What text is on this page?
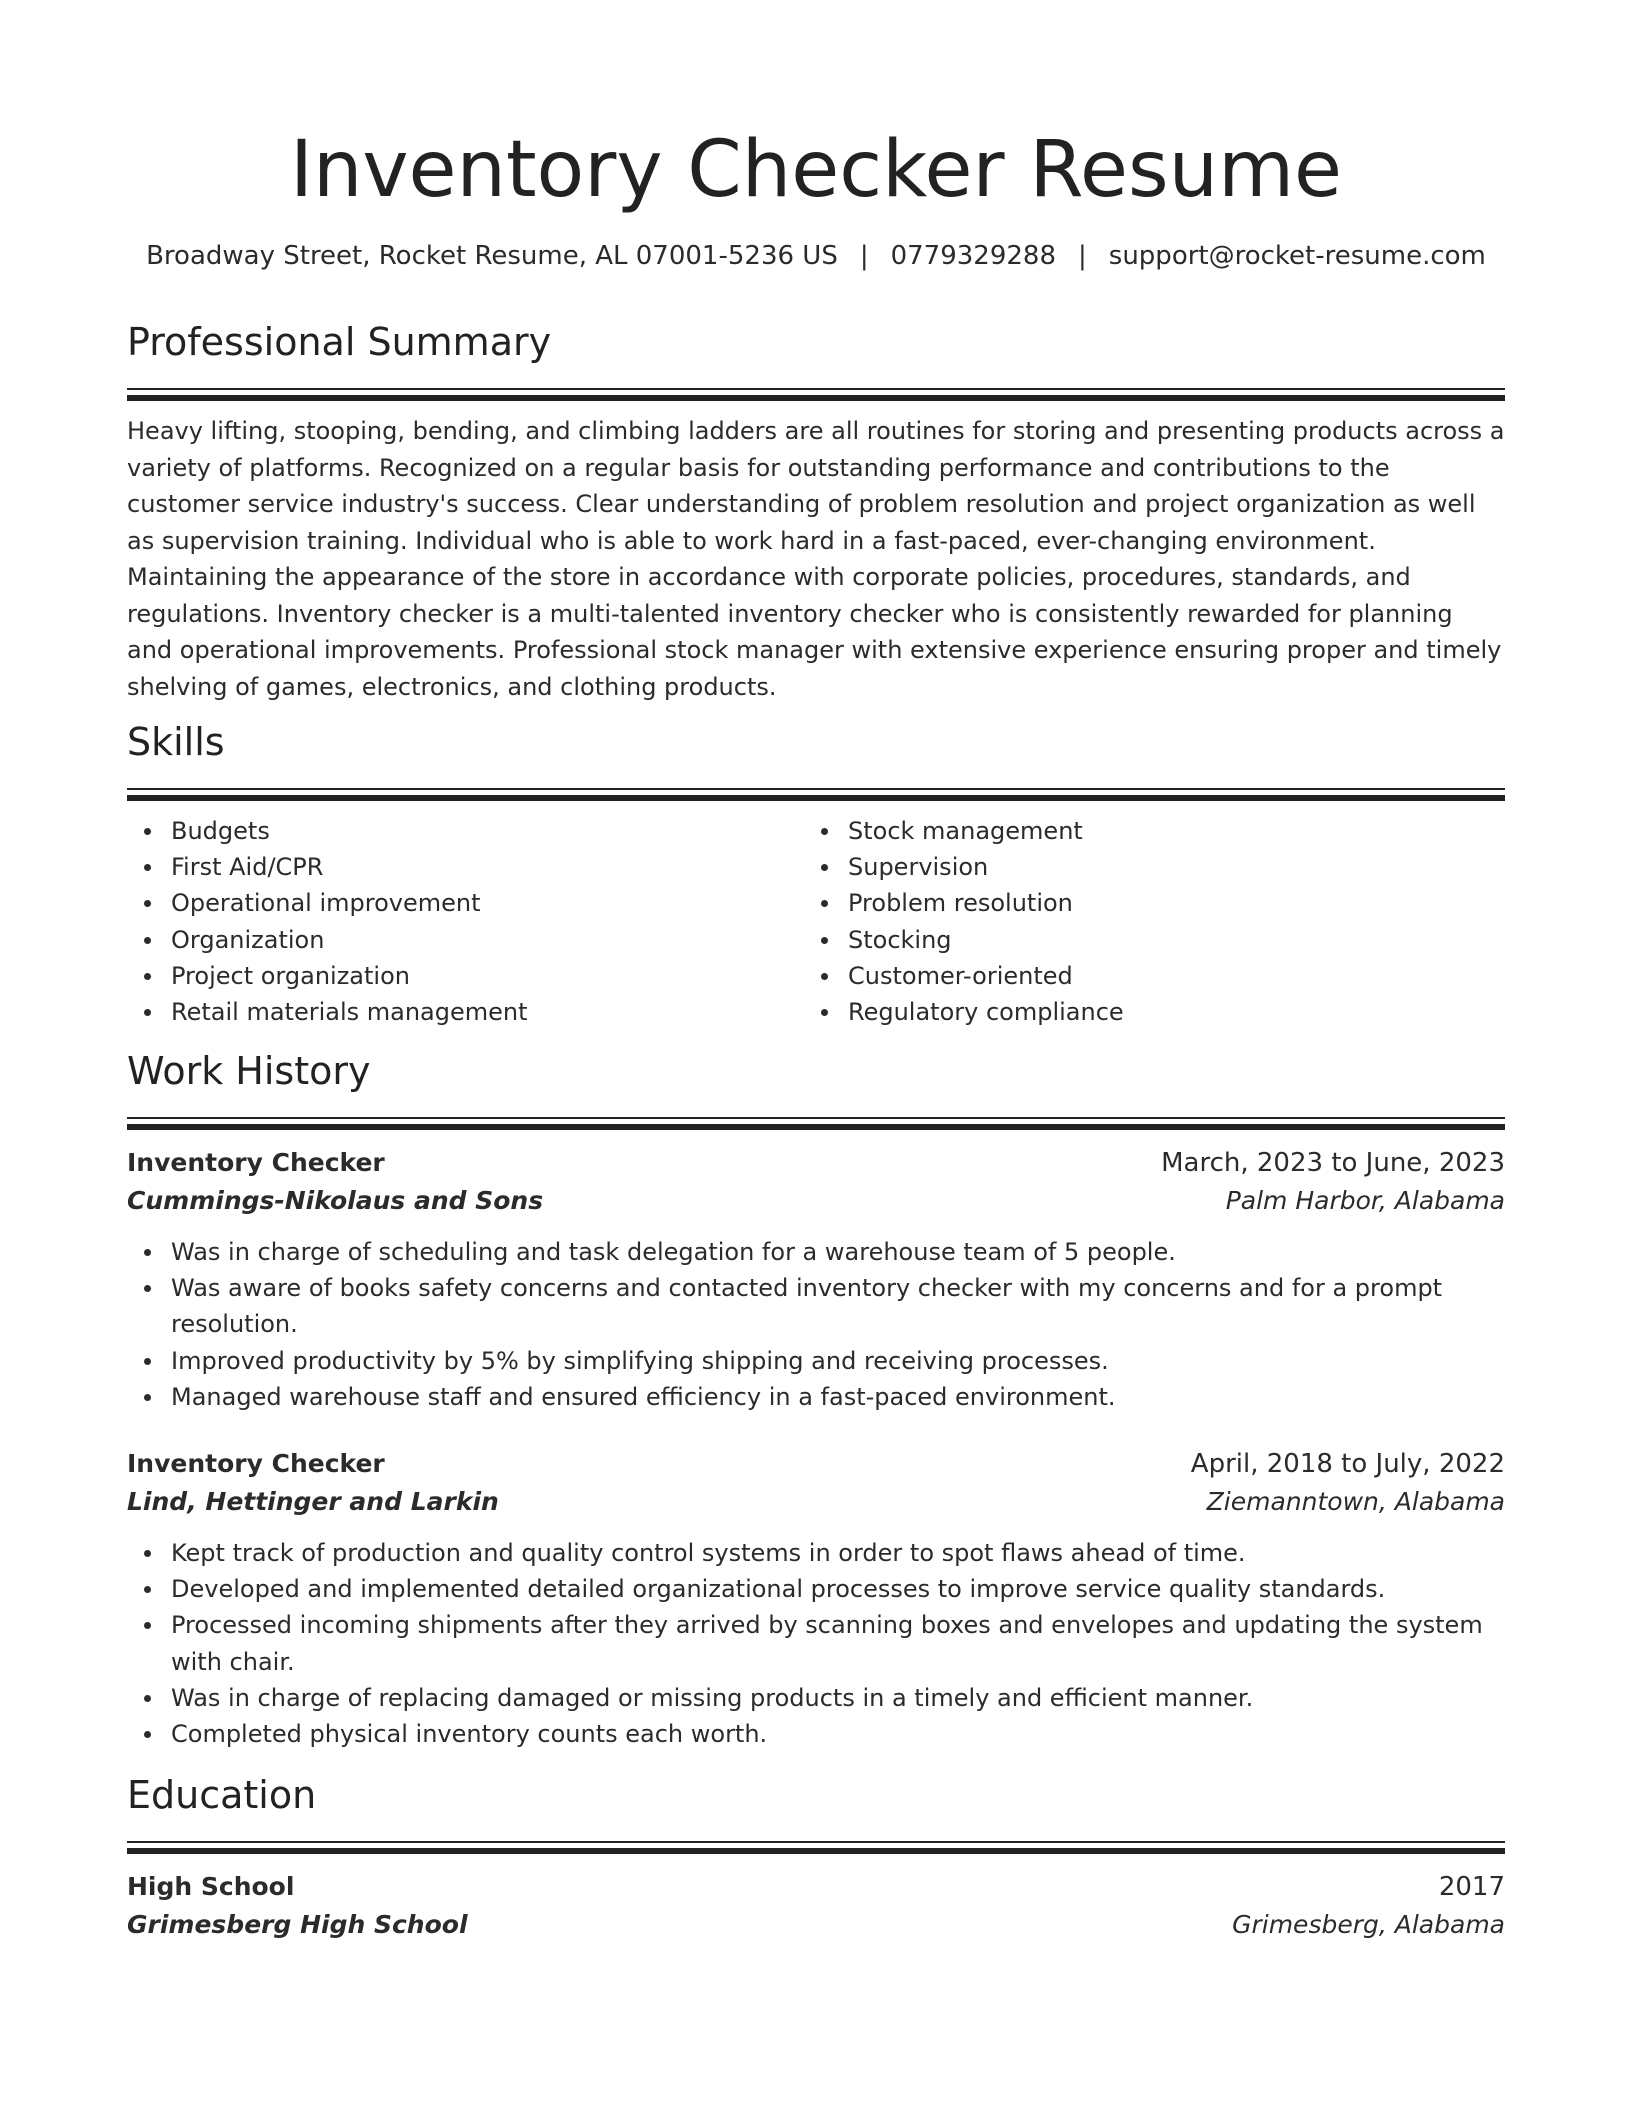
Inventory Checker Resume
Broadway Street, Rocket Resume, AL 07001-5236 US | 0779329288 | support@rocket-resume.com
Professional Summary

Heavy lifting, stooping, bending, and climbing ladders are all routines for storing and presenting products across a variety of platforms. Recognized on a regular basis for outstanding performance and contributions to the customer service industry's success. Clear understanding of problem resolution and project organization as well as supervision training. Individual who is able to work hard in a fast-paced, ever-changing environment. Maintaining the appearance of the store in accordance with corporate policies, procedures, standards, and regulations. Inventory checker is a multi-talented inventory checker who is consistently rewarded for planning and operational improvements. Professional stock manager with extensive experience ensuring proper and timely shelving of games, electronics, and clothing products.

Skills
Budgets
First Aid/CPR
Operational improvement
Organization
Project organization
Retail materials management
Stock management
Supervision
Problem resolution
Stocking
Customer-oriented
Regulatory compliance
Work History
Inventory Checker	March, 2023 to June, 2023
Cummings-Nikolaus and Sons	Palm Harbor, Alabama
Was in charge of scheduling and task delegation for a warehouse team of 5 people.
Was aware of books safety concerns and contacted inventory checker with my concerns and for a prompt resolution.
Improved productivity by 5% by simplifying shipping and receiving processes.
Managed warehouse staff and ensured efficiency in a fast-paced environment.
Inventory Checker	April, 2018 to July, 2022
Lind, Hettinger and Larkin	Ziemanntown, Alabama
Kept track of production and quality control systems in order to spot flaws ahead of time.
Developed and implemented detailed organizational processes to improve service quality standards.
Processed incoming shipments after they arrived by scanning boxes and envelopes and updating the system with chair.
Was in charge of replacing damaged or missing products in a timely and efficient manner.
Completed physical inventory counts each worth.
Education
High School	2017
Grimesberg High School	Grimesberg, Alabama
